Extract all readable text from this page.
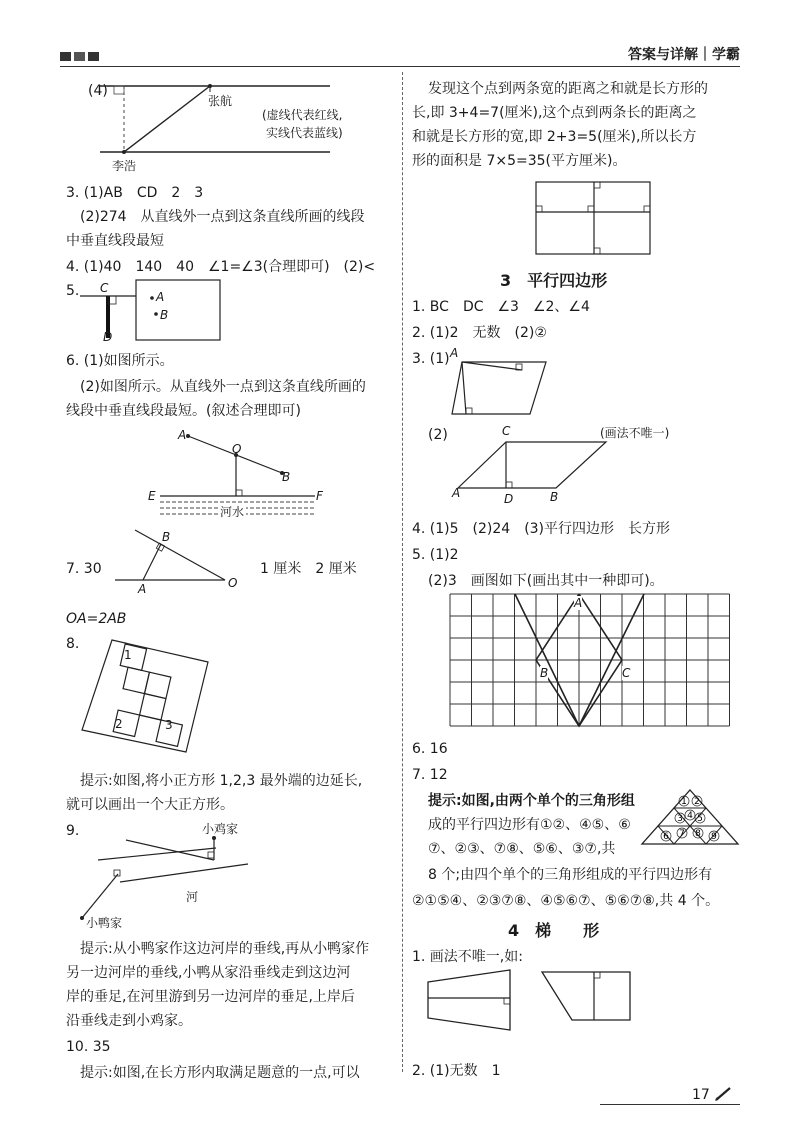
答案与详解｜学霸
(4)
张航
李浩
(虚线代表红线,
实线代表蓝线)
3. (1)AB　CD　2　3
(2)274　从直线外一点到这条直线所画的线段
中垂直线段最短
4. (1)40　140　40　∠1=∠3(合理即可)　(2)<
5. C
D
A
B
6. (1)如图所示。
(2)如图所示。从直线外一点到这条直线所画的
线段中垂直线段最短。(叙述合理即可)
A
O
B
E	F
河水
7. 30
B
A	O
1 厘米　2 厘米
OA=2AB
8.
1
2	3
提示:如图,将小正方形 1,2,3 最外端的边延长,
就可以画出一个大正方形。
9.	小鸡家
小鸭家
河
提示:从小鸭家作这边河岸的垂线,再从小鸭家作
另一边河岸的垂线,小鸭从家沿垂线走到这边河
岸的垂足,在河里游到另一边河岸的垂足,上岸后
沿垂线走到小鸡家。
10. 35
提示:如图,在长方形内取满足题意的一点,可以
发现这个点到两条宽的距离之和就是长方形的
长,即 3+4=7(厘米),这个点到两条长的距离之
和就是长方形的宽,即 2+3=5(厘米),所以长方
形的面积是 7×5=35(平方厘米)。
3　平行四边形
1. BC　DC　∠3　∠2、∠4
2. (1)2　无数　(2)②
3. (1) A
(2)	C	(画法不唯一)
A	D	B
4. (1)5　(2)24　(3)平行四边形　长方形
5. (1)2
(2)3　画图如下(画出其中一种即可)。
A
B	C
6. 16
7. 12
提示:如图,由两个单个的三角形组
成的平行四边形有①②、④⑤、⑥
⑦、②③、⑦⑧、⑤⑥、③⑦,共
8 个;由四个单个的三角形组成的平行四边形有
②①⑤④、②③⑦⑧、④⑤⑥⑦、⑤⑥⑦⑧,共 4 个。
1 2
3 4 5
6 7 8 9
4　梯　　形
1. 画法不唯一,如:
2. (1)无数　1
17
